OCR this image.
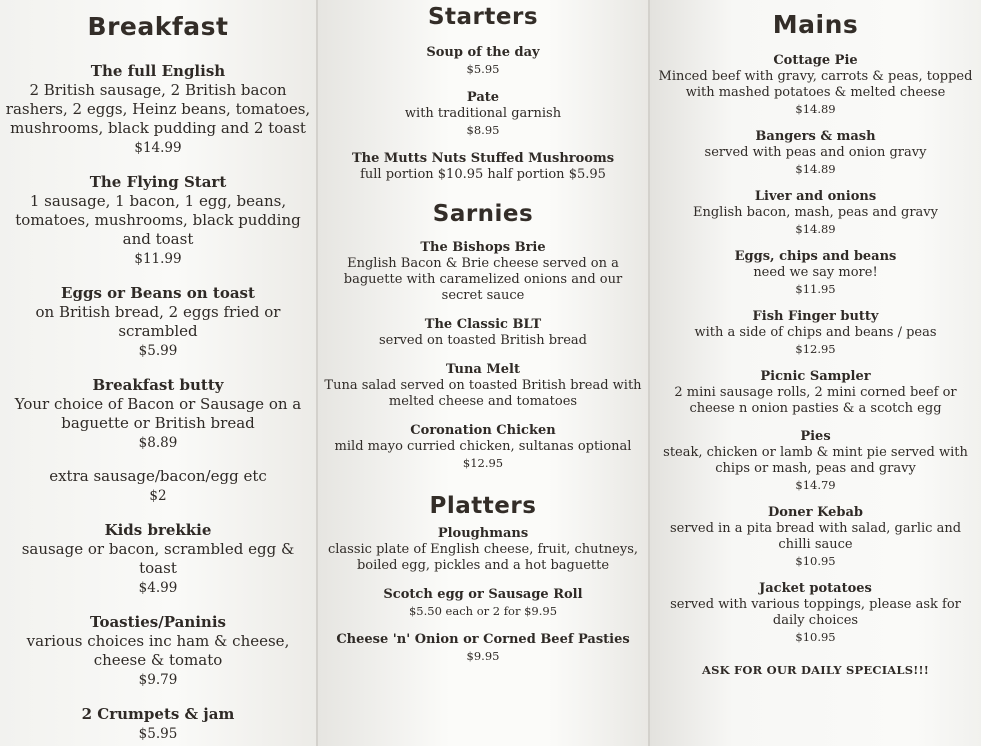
Breakfast
The full English
2 British sausage, 2 British bacon rashers, 2 eggs, Heinz beans, tomatoes, mushrooms, black pudding and 2 toast
$14.99
The Flying Start
1 sausage, 1 bacon, 1 egg, beans, tomatoes, mushrooms, black pudding and toast
$11.99
Eggs or Beans on toast
on British bread, 2 eggs fried or scrambled
$5.99
Breakfast butty
Your choice of Bacon or Sausage on a baguette or British bread
$8.89
extra sausage/bacon/egg etc
$2
Kids brekkie
sausage or bacon, scrambled egg & toast
$4.99
Toasties/Paninis
various choices inc ham & cheese, cheese & tomato
$9.79
2 Crumpets & jam
$5.95
Starters
Soup of the day
$5.95
Pate
with traditional garnish
$8.95
The Mutts Nuts Stuffed Mushrooms
full portion $10.95 half portion $5.95
Sarnies
The Bishops Brie
English Bacon & Brie cheese served on a baguette with caramelized onions and our secret sauce
The Classic BLT
served on toasted British bread
Tuna Melt
Tuna salad served on toasted British bread with melted cheese and tomatoes
Coronation Chicken
mild mayo curried chicken, sultanas optional
$12.95
Platters
Ploughmans
classic plate of English cheese, fruit, chutneys, boiled egg, pickles and a hot baguette
Scotch egg or Sausage Roll
$5.50 each or 2 for $9.95
Cheese 'n' Onion or Corned Beef Pasties
$9.95
Mains
Cottage Pie
Minced beef with gravy, carrots & peas, topped with mashed potatoes & melted cheese
$14.89
Bangers & mash
served with peas and onion gravy
$14.89
Liver and onions
English bacon, mash, peas and gravy
$14.89
Eggs, chips and beans
need we say more!
$11.95
Fish Finger butty
with a side of chips and beans / peas
$12.95
Picnic Sampler
2 mini sausage rolls, 2 mini corned beef or cheese n onion pasties & a scotch egg
Pies
steak, chicken or lamb & mint pie served with chips or mash, peas and gravy
$14.79
Doner Kebab
served in a pita bread with salad, garlic and chilli sauce
$10.95
Jacket potatoes
served with various toppings, please ask for daily choices
$10.95
ASK FOR OUR DAILY SPECIALS!!!
